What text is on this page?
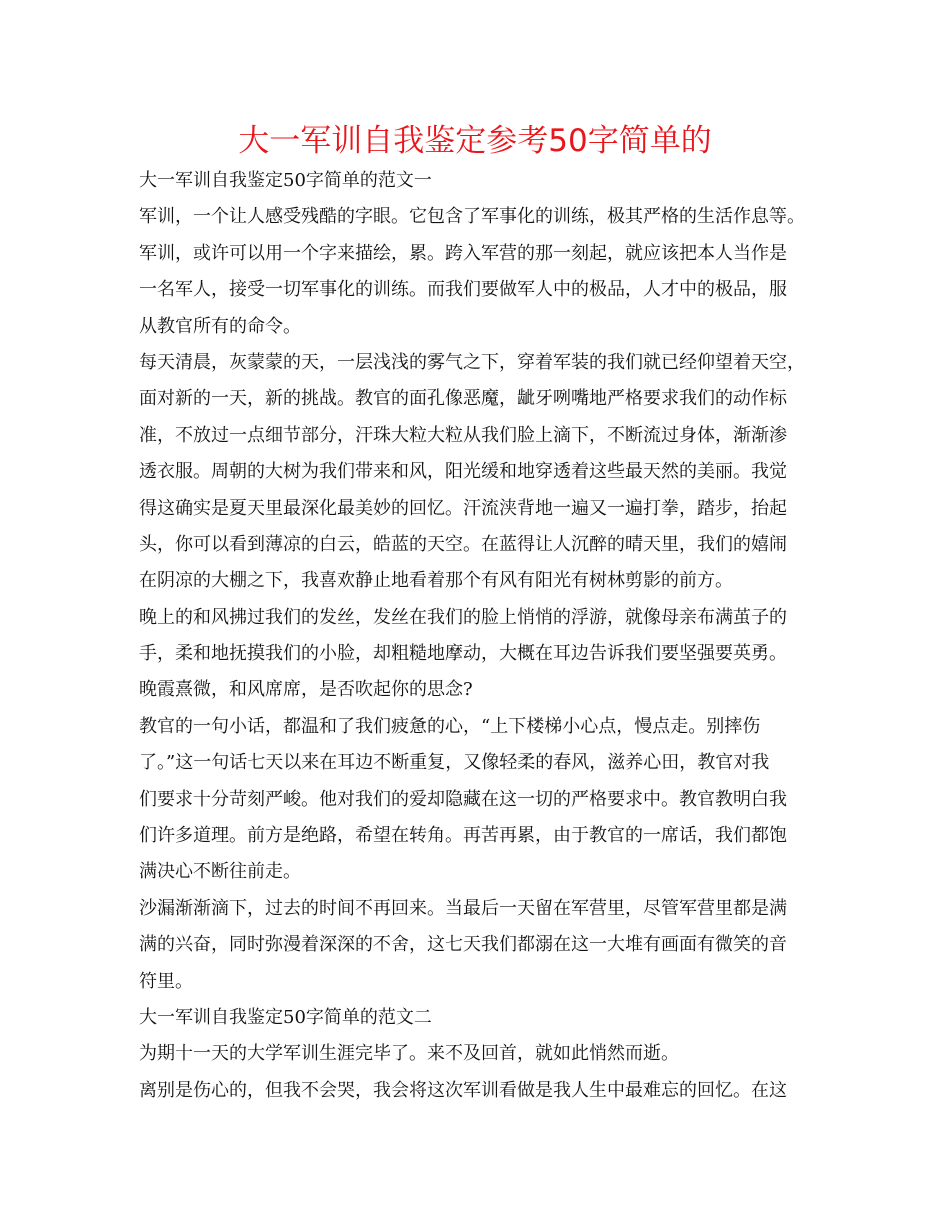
大一军训自我鉴定参考50字简单的
大一军训自我鉴定50字简单的范文一
军训，一个让人感受残酷的字眼。它包含了军事化的训练，极其严格的生活作息等。
军训，或许可以用一个字来描绘，累。跨入军营的那一刻起，就应该把本人当作是
一名军人，接受一切军事化的训练。而我们要做军人中的极品，人才中的极品，服
从教官所有的命令。
每天清晨，灰蒙蒙的天，一层浅浅的雾气之下，穿着军装的我们就已经仰望着天空，
面对新的一天，新的挑战。教官的面孔像恶魔，龇牙咧嘴地严格要求我们的动作标
准，不放过一点细节部分，汗珠大粒大粒从我们脸上滴下，不断流过身体，渐渐渗
透衣服。周朝的大树为我们带来和风，阳光缓和地穿透着这些最天然的美丽。我觉
得这确实是夏天里最深化最美妙的回忆。汗流浃背地一遍又一遍打拳，踏步，抬起
头，你可以看到薄凉的白云，皓蓝的天空。在蓝得让人沉醉的晴天里，我们的嬉闹
在阴凉的大棚之下，我喜欢静止地看着那个有风有阳光有树林剪影的前方。
晚上的和风拂过我们的发丝，发丝在我们的脸上悄悄的浮游，就像母亲布满茧子的
手，柔和地抚摸我们的小脸，却粗糙地摩动，大概在耳边告诉我们要坚强要英勇。
晚霞熹微，和风席席，是否吹起你的思念?
教官的一句小话，都温和了我们疲惫的心，“上下楼梯小心点，慢点走。别摔伤
了。”这一句话七天以来在耳边不断重复，又像轻柔的春风，滋养心田，教官对我
们要求十分苛刻严峻。他对我们的爱却隐藏在这一切的严格要求中。教官教明白我
们许多道理。前方是绝路，希望在转角。再苦再累，由于教官的一席话，我们都饱
满决心不断往前走。
沙漏渐渐滴下，过去的时间不再回来。当最后一天留在军营里，尽管军营里都是满
满的兴奋，同时弥漫着深深的不舍，这七天我们都溺在这一大堆有画面有微笑的音
符里。
大一军训自我鉴定50字简单的范文二
为期十一天的大学军训生涯完毕了。来不及回首，就如此悄然而逝。
离别是伤心的，但我不会哭，我会将这次军训看做是我人生中最难忘的回忆。在这
